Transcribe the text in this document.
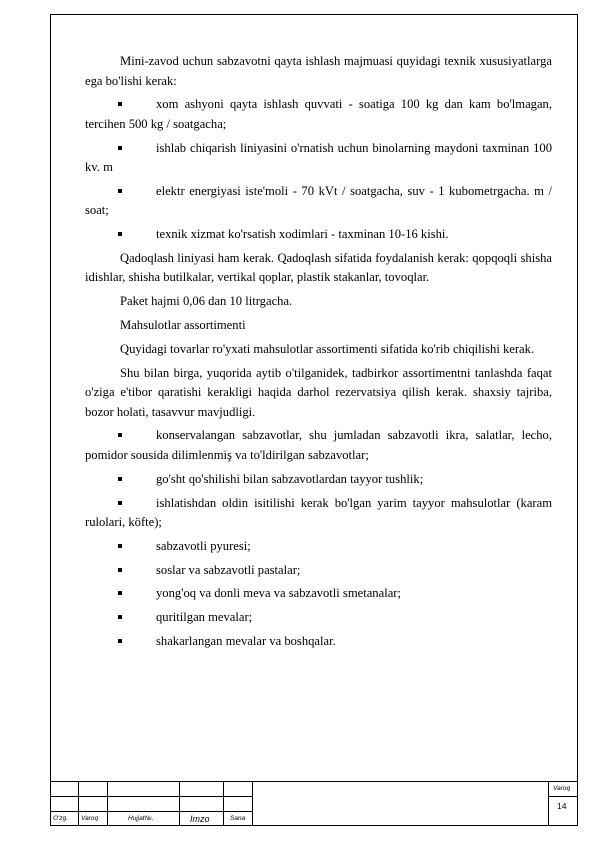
Mini-zavod uchun sabzavotni qayta ishlash majmuasi quyidagi texnik xususiyatlarga ega bo'lishi kerak:
xom ashyoni qayta ishlash quvvati - soatiga 100 kg dan kam bo'lmagan, tercihen 500 kg / soatgacha;
ishlab chiqarish liniyasini o'rnatish uchun binolarning maydoni taxminan 100 kv. m
elektr energiyasi iste'moli - 70 kVt / soatgacha, suv - 1 kubometrgacha. m / soat;
texnik xizmat ko'rsatish xodimlari - taxminan 10-16 kishi.
Qadoqlash liniyasi ham kerak. Qadoqlash sifatida foydalanish kerak: qopqoqli shisha idishlar, shisha butilkalar, vertikal qoplar, plastik stakanlar, tovoqlar.
Paket hajmi 0,06 dan 10 litrgacha.
Mahsulotlar assortimenti
Quyidagi tovarlar ro'yxati mahsulotlar assortimenti sifatida ko'rib chiqilishi kerak.
Shu bilan birga, yuqorida aytib o'tilganidek, tadbirkor assortimentni tanlashda faqat o'ziga e'tibor qaratishi kerakligi haqida darhol rezervatsiya qilish kerak. shaxsiy tajriba, bozor holati, tasavvur mavjudligi.
konservalangan sabzavotlar, shu jumladan sabzavotli ikra, salatlar, lecho, pomidor sousida dilimlenmiş va to'ldirilgan sabzavotlar;
go'sht qo'shilishi bilan sabzavotlardan tayyor tushlik;
ishlatishdan oldin isitilishi kerak bo'lgan yarim tayyor mahsulotlar (karam rulolari, köfte);
sabzavotli pyuresi;
soslar va sabzavotli pastalar;
yong'oq va donli meva va sabzavotli smetanalar;
quritilgan mevalar;
shakarlangan mevalar va boshqalar.
O'zg. Varoq	Hujjat№.	Imzo	Sana
Varoq
14
